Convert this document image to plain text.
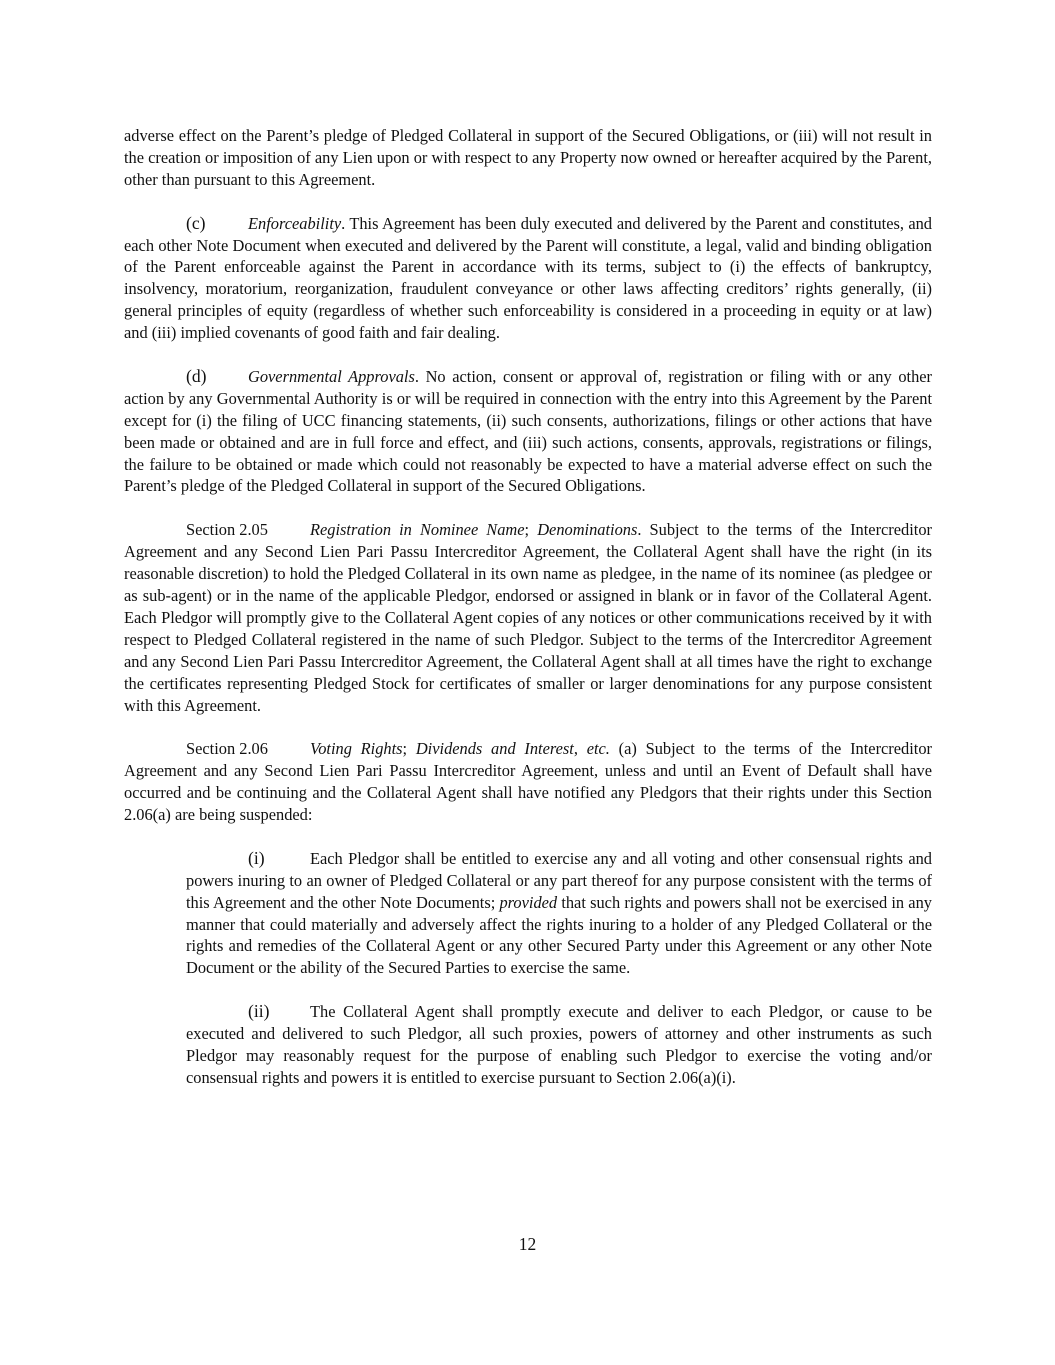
adverse effect on the Parent’s pledge of Pledged Collateral in support of the Secured Obligations, or (iii) will not result in the creation or imposition of any Lien upon or with respect to any Property now owned or hereafter acquired by the Parent, other than pursuant to this Agreement.

(c)	Enforceability. This Agreement has been duly executed and delivered by the Parent and constitutes, and each other Note Document when executed and delivered by the Parent will constitute, a legal, valid and binding obligation of the Parent enforceable against the Parent in accordance with its terms, subject to (i) the effects of bankruptcy, insolvency, moratorium, reorganization, fraudulent conveyance or other laws affecting creditors’ rights generally, (ii) general principles of equity (regardless of whether such enforceability is considered in a proceeding in equity or at law) and (iii) implied covenants of good faith and fair dealing.

(d)	Governmental Approvals. No action, consent or approval of, registration or filing with or any other action by any Governmental Authority is or will be required in connection with the entry into this Agreement by the Parent except for (i) the filing of UCC financing statements, (ii) such consents, authorizations, filings or other actions that have been made or obtained and are in full force and effect, and (iii) such actions, consents, approvals, registrations or filings, the failure to be obtained or made which could not reasonably be expected to have a material adverse effect on such the Parent’s pledge of the Pledged Collateral in support of the Secured Obligations.

Section 2.05	Registration in Nominee Name; Denominations. Subject to the terms of the Intercreditor Agreement and any Second Lien Pari Passu Intercreditor Agreement, the Collateral Agent shall have the right (in its reasonable discretion) to hold the Pledged Collateral in its own name as pledgee, in the name of its nominee (as pledgee or as sub-agent) or in the name of the applicable Pledgor, endorsed or assigned in blank or in favor of the Collateral Agent. Each Pledgor will promptly give to the Collateral Agent copies of any notices or other communications received by it with respect to Pledged Collateral registered in the name of such Pledgor. Subject to the terms of the Intercreditor Agreement and any Second Lien Pari Passu Intercreditor Agreement, the Collateral Agent shall at all times have the right to exchange the certificates representing Pledged Stock for certificates of smaller or larger denominations for any purpose consistent with this Agreement.

Section 2.06	Voting Rights; Dividends and Interest, etc. (a) Subject to the terms of the Intercreditor Agreement and any Second Lien Pari Passu Intercreditor Agreement, unless and until an Event of Default shall have occurred and be continuing and the Collateral Agent shall have notified any Pledgors that their rights under this Section 2.06(a) are being suspended:

(i)	Each Pledgor shall be entitled to exercise any and all voting and other consensual rights and powers inuring to an owner of Pledged Collateral or any part thereof for any purpose consistent with the terms of this Agreement and the other Note Documents; provided that such rights and powers shall not be exercised in any manner that could materially and adversely affect the rights inuring to a holder of any Pledged Collateral or the rights and remedies of the Collateral Agent or any other Secured Party under this Agreement or any other Note Document or the ability of the Secured Parties to exercise the same.

(ii) The Collateral Agent shall promptly execute and deliver to each Pledgor, or cause to be executed and delivered to such Pledgor, all such proxies, powers of attorney and other instruments as such Pledgor may reasonably request for the purpose of enabling such Pledgor to exercise the voting and/or consensual rights and powers it is entitled to exercise pursuant to Section 2.06(a)(i).

12
